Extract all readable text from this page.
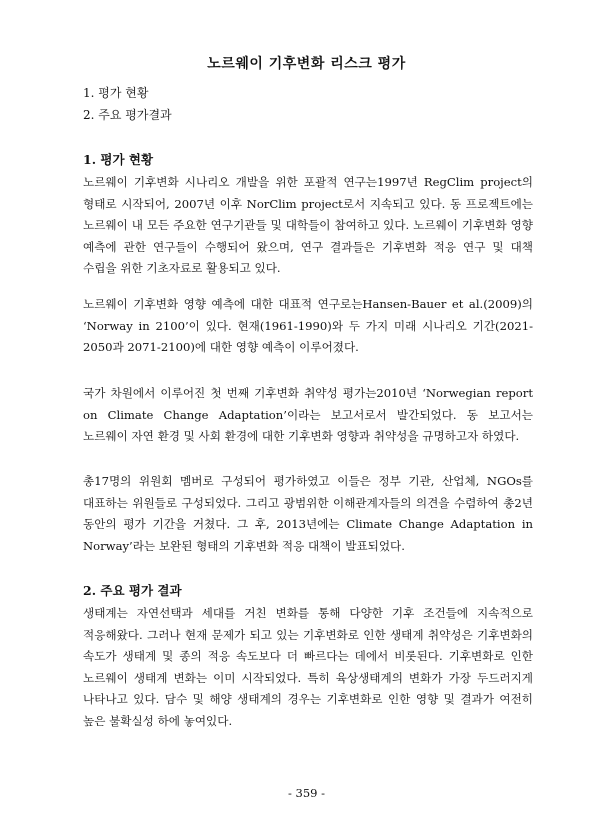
노르웨이 기후변화 리스크 평가
1. 평가 현황
2. 주요 평가결과
1. 평가 현황

노르웨이 기후변화 시나리오 개발을 위한 포괄적 연구는1997년 RegClim project의 형태로 시작되어, 2007년 이후 NorClim project로서 지속되고 있다. 동 프로젝트에는 노르웨이 내 모든 주요한 연구기관들 및 대학들이 참여하고 있다. 노르웨이 기후변화 영향 예측에 관한 연구들이 수행되어 왔으며, 연구 결과들은 기후변화 적응 연구 및 대책 수립을 위한 기초자료로 활용되고 있다.

노르웨이 기후변화 영향 예측에 대한 대표적 연구로는Hansen-Bauer et al.(2009)의 ‘Norway in 2100’이 있다. 현재(1961-1990)와 두 가지 미래 시나리오 기간(2021-2050과 2071-2100)에 대한 영향 예측이 이루어졌다.

국가 차원에서 이루어진 첫 번째 기후변화 취약성 평가는2010년 ‘Norwegian report on Climate Change Adaptation’이라는 보고서로서 발간되었다. 동 보고서는 노르웨이 자연 환경 및 사회 환경에 대한 기후변화 영향과 취약성을 규명하고자 하였다.

총17명의 위원회 멤버로 구성되어 평가하였고 이들은 정부 기관, 산업체, NGOs를 대표하는 위원들로 구성되었다. 그리고 광범위한 이해관계자들의 의견을 수렴하여 총2년 동안의 평가 기간을 거쳤다. 그 후, 2013년에는 Climate Change Adaptation in Norway’라는 보완된 형태의 기후변화 적응 대책이 발표되었다.

2. 주요 평가 결과

생태계는 자연선택과 세대를 거친 변화를 통해 다양한 기후 조건들에 지속적으로 적응해왔다. 그러나 현재 문제가 되고 있는 기후변화로 인한 생태계 취약성은 기후변화의 속도가 생태계 및 종의 적응 속도보다 더 빠르다는 데에서 비롯된다. 기후변화로 인한 노르웨이 생태계 변화는 이미 시작되었다. 특히 육상생태계의 변화가 가장 두드러지게 나타나고 있다. 담수 및 해양 생태계의 경우는 기후변화로 인한 영향 및 결과가 여전히 높은 불확실성 하에 놓여있다.

- 359 -
